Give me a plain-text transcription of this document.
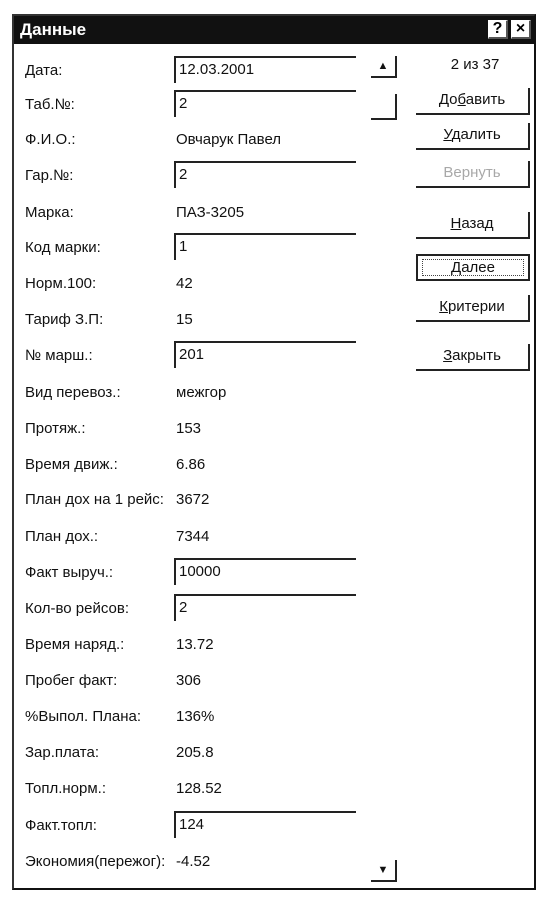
Данные	? ×
Дата:	12.03.2001
Таб.№:	2
Ф.И.О.:	Овчарук Павел
Гар.№:	2
Марка:	ПАЗ-3205
Код марки:	1
Норм.100:	42
Тариф З.П:	15
№ марш.:	201
Вид перевоз.:	межгор
Протяж.:	153
Время движ.:	6.86
План дох на 1 рейс: 3672
План дох.:	7344
Факт выруч.:	10000
Кол-во рейсов:	2
Время наряд.:	13.72
Пробег факт:	306
%Выпол. Плана: 136%
Зар.плата:	205.8
Топл.норм.:	128.52
Факт.топл:	124
Экономия(пережог): -4.52
▲
▼
2 из 37
Добавить
Удалить
Вернуть
Назад
Далее
Критерии
Закрыть
